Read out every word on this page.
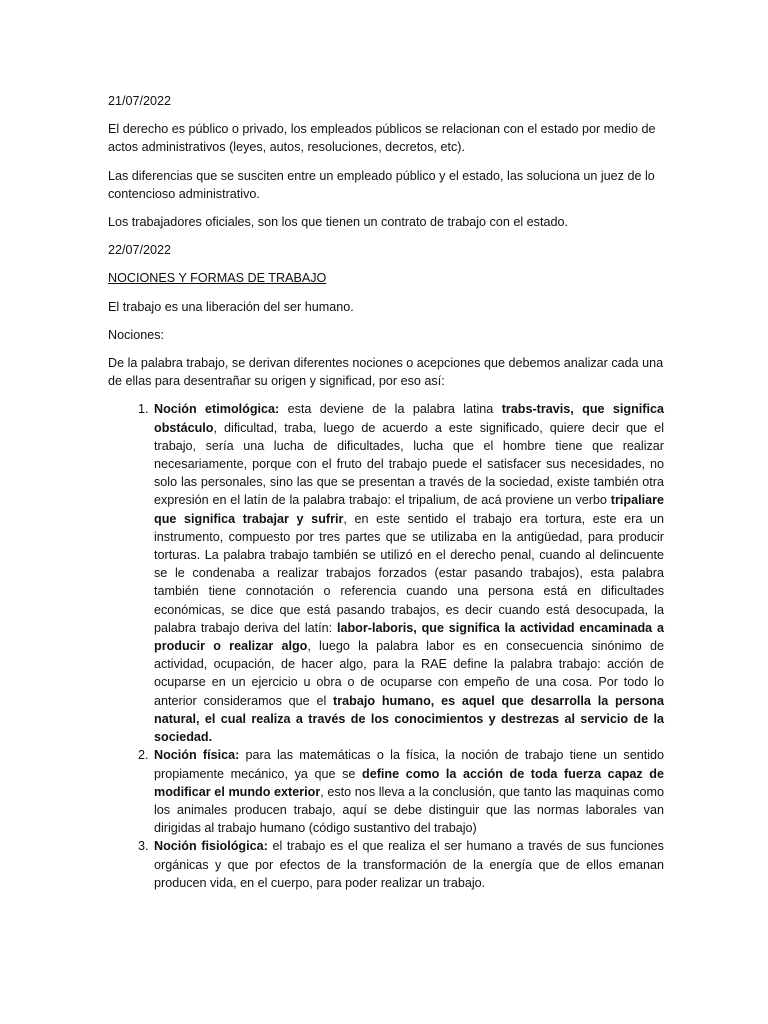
21/07/2022

El derecho es público o privado, los empleados públicos se relacionan con el estado por medio de actos administrativos (leyes, autos, resoluciones, decretos, etc).

Las diferencias que se susciten entre un empleado público y el estado, las soluciona un juez de lo contencioso administrativo.

Los trabajadores oficiales, son los que tienen un contrato de trabajo con el estado.

22/07/2022

NOCIONES Y FORMAS DE TRABAJO

El trabajo es una liberación del ser humano.

Nociones:

De la palabra trabajo, se derivan diferentes nociones o acepciones que debemos analizar cada una de ellas para desentrañar su origen y significad, por eso así:

1. Noción etimológica: esta deviene de la palabra latina trabs-travis, que significa obstáculo, dificultad, traba, luego de acuerdo a este significado, quiere decir que el trabajo, sería una lucha de dificultades, lucha que el hombre tiene que realizar necesariamente, porque con el fruto del trabajo puede el satisfacer sus necesidades, no solo las personales, sino las que se presentan a través de la sociedad, existe también otra expresión en el latín de la palabra trabajo: el tripalium, de acá proviene un verbo tripaliare que significa trabajar y sufrir, en este sentido el trabajo era tortura, este era un instrumento, compuesto por tres partes que se utilizaba en la antigüedad, para producir torturas. La palabra trabajo también se utilizó en el derecho penal, cuando al delincuente se le condenaba a realizar trabajos forzados (estar pasando trabajos), esta palabra también tiene connotación o referencia cuando una persona está en dificultades económicas, se dice que está pasando trabajos, es decir cuando está desocupada, la palabra trabajo deriva del latín: labor-laboris, que significa la actividad encaminada a producir o realizar algo, luego la palabra labor es en consecuencia sinónimo de actividad, ocupación, de hacer algo, para la RAE define la palabra trabajo: acción de ocuparse en un ejercicio u obra o de ocuparse con empeño de una cosa. Por todo lo anterior consideramos que el trabajo humano, es aquel que desarrolla la persona natural, el cual realiza a través de los conocimientos y destrezas al servicio de la sociedad.
2. Noción física: para las matemáticas o la física, la noción de trabajo tiene un sentido propiamente mecánico, ya que se define como la acción de toda fuerza capaz de modificar el mundo exterior, esto nos lleva a la conclusión, que tanto las maquinas como los animales producen trabajo, aquí se debe distinguir que las normas laborales van dirigidas al trabajo humano (código sustantivo del trabajo)
3. Noción fisiológica: el trabajo es el que realiza el ser humano a través de sus funciones orgánicas y que por efectos de la transformación de la energía que de ellos emanan producen vida, en el cuerpo, para poder realizar un trabajo.
